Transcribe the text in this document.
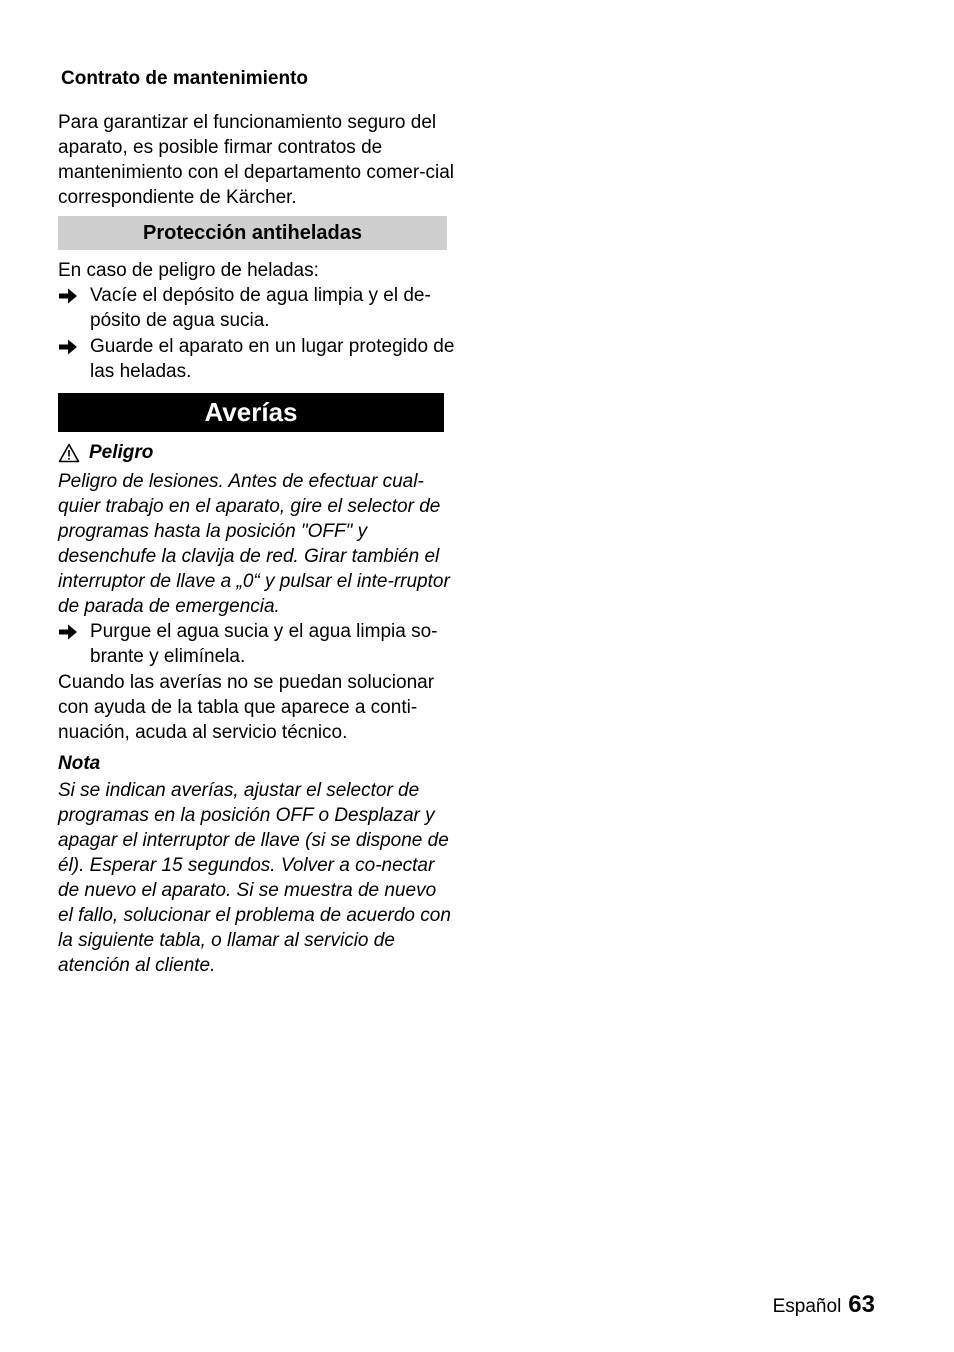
Contrato de mantenimiento

Para garantizar el funcionamiento seguro del aparato, es posible firmar contratos de mantenimiento con el departamento comer-cial correspondiente de Kärcher.

Protección antiheladas

En caso de peligro de heladas:

Vacíe el depósito de agua limpia y el de-pósito de agua sucia.

Guarde el aparato en un lugar protegido de las heladas.

Averías

Peligro

Peligro de lesiones. Antes de efectuar cual-quier trabajo en el aparato, gire el selector de programas hasta la posición "OFF" y desenchufe la clavija de red. Girar también el interruptor de llave a „0“ y pulsar el inte-rruptor de parada de emergencia.

Purgue el agua sucia y el agua limpia so-brante y elimínela.

Cuando las averías no se puedan solucionar con ayuda de la tabla que aparece a conti-nuación, acuda al servicio técnico.

Nota

Si se indican averías, ajustar el selector de programas en la posición OFF o Desplazar y apagar el interruptor de llave (si se dispone de él). Esperar 15 segundos. Volver a co-nectar de nuevo el aparato. Si se muestra de nuevo el fallo, solucionar el problema de acuerdo con la siguiente tabla, o llamar al servicio de atención al cliente.

Español 63
